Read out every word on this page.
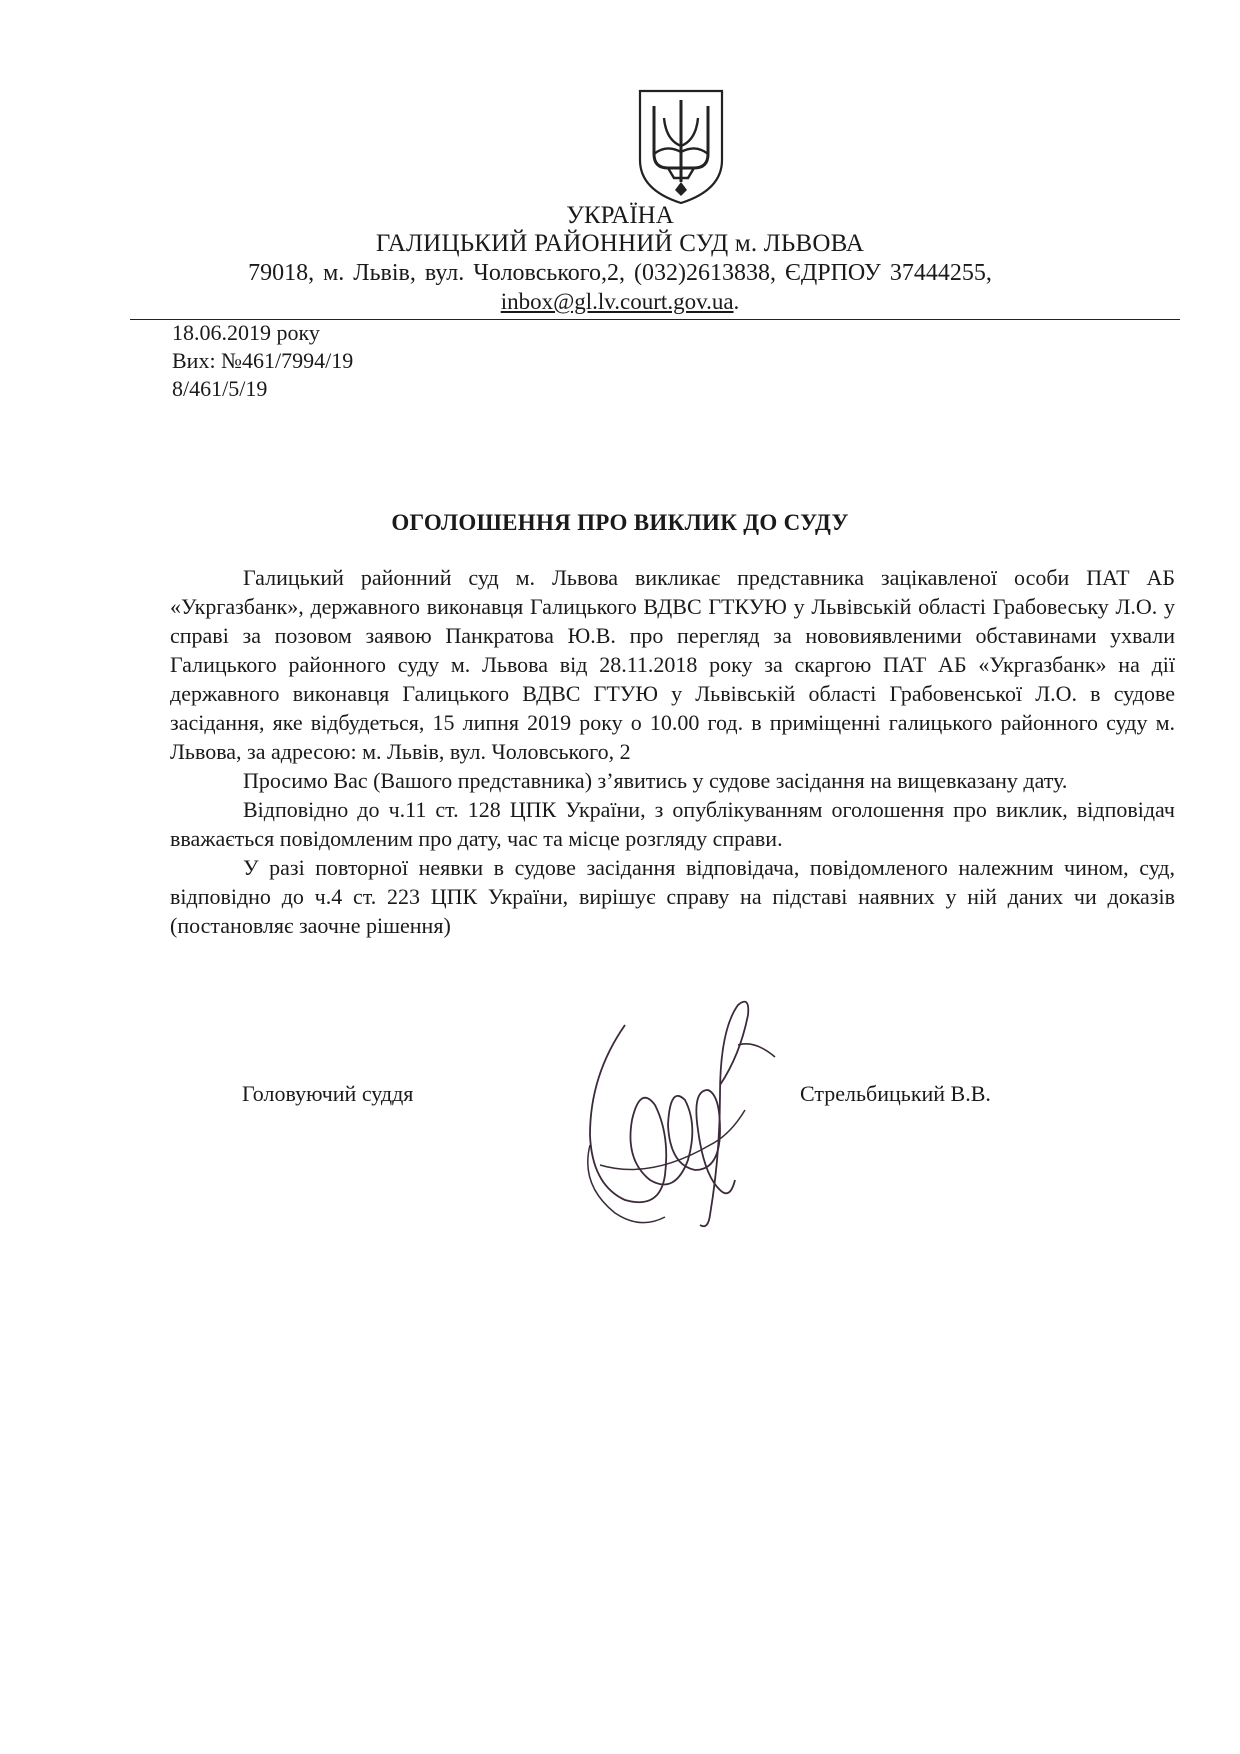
УКРАЇНА
ГАЛИЦЬКИЙ РАЙОННИЙ СУД м. ЛЬВОВА
79018, м. Львів, вул. Чоловського,2, (032)2613838, ЄДРПОУ 37444255,
inbox@gl.lv.court.gov.ua.
18.06.2019 року
Вих: №461/7994/19
8/461/5/19
ОГОЛОШЕННЯ ПРО ВИКЛИК ДО СУДУ

Галицький районний суд м. Львова викликає представника зацікавленої особи ПАТ АБ «Укргазбанк», державного виконавця Галицького ВДВС ГТКУЮ у Львівській області Грабовеську Л.О. у справі за позовом заявою Панкратова Ю.В. про перегляд за нововиявленими обставинами ухвали Галицького районного суду м. Львова від 28.11.2018 року за скаргою ПАТ АБ «Укргазбанк» на дії державного виконавця Галицького ВДВС ГТУЮ у Львівській області Грабовенської Л.О. в судове засідання, яке відбудеться, 15 липня 2019 року о 10.00 год. в приміщенні галицького районного суду м. Львова, за адресою: м. Львів, вул. Чоловського, 2

Просимо Вас (Вашого представника) з’явитись у судове засідання на вищевказану дату.

Відповідно до ч.11 ст. 128 ЦПК України, з опублікуванням оголошення про виклик, відповідач вважається повідомленим про дату, час та місце розгляду справи.

У разі повторної неявки в судове засідання відповідача, повідомленого належним чином, суд, відповідно до ч.4 ст. 223 ЦПК України, вирішує справу на підставі наявних у ній даних чи доказів (постановляє заочне рішення)

Головуючий суддя	Стрельбицький В.В.
